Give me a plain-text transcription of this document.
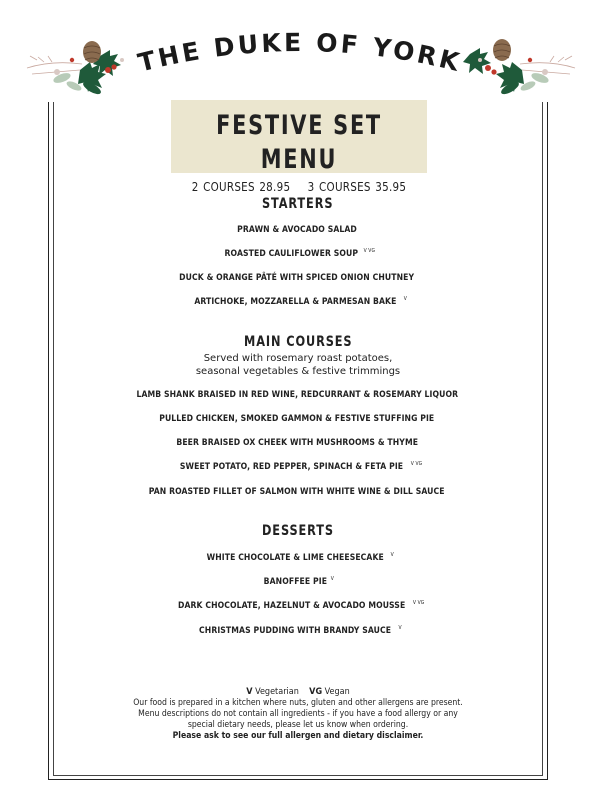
THE DUKE OF YORK
FESTIVE SET MENU
2 COURSES 28.95 3 COURSES 35.95
STARTERS
PRAWN & AVOCADO SALAD
ROASTED CAULIFLOWER SOUP $^{V VG}$
DUCK & ORANGE PÂTÉ WITH SPICED ONION CHUTNEY
ARTICHOKE, MOZZARELLA & PARMESAN BAKE $^V$
MAIN COURSES
Served with rosemary roast potatoes,
seasonal vegetables & festive trimmings
LAMB SHANK BRAISED IN RED WINE, REDCURRANT & ROSEMARY LIQUOR
PULLED CHICKEN, SMOKED GAMMON & FESTIVE STUFFING PIE
BEER BRAISED OX CHEEK WITH MUSHROOMS & THYME
SWEET POTATO, RED PEPPER, SPINACH & FETA PIE $^{V VG}$
PAN ROASTED FILLET OF SALMON WITH WHITE WINE & DILL SAUCE
DESSERTS
WHITE CHOCOLATE & LIME CHEESECAKE $^V$
BANOFFEE PIE $^V$
DARK CHOCOLATE, HAZELNUT & AVOCADO MOUSSE $^{V VG}$
CHRISTMAS PUDDING WITH BRANDY SAUCE $^V$
V Vegetarian VG Vegan
Our food is prepared in a kitchen where nuts, gluten and other allergens are present.
Menu descriptions do not contain all ingredients - if you have a food allergy or any
special dietary needs, please let us know when ordering.
Please ask to see our full allergen and dietary disclaimer.
